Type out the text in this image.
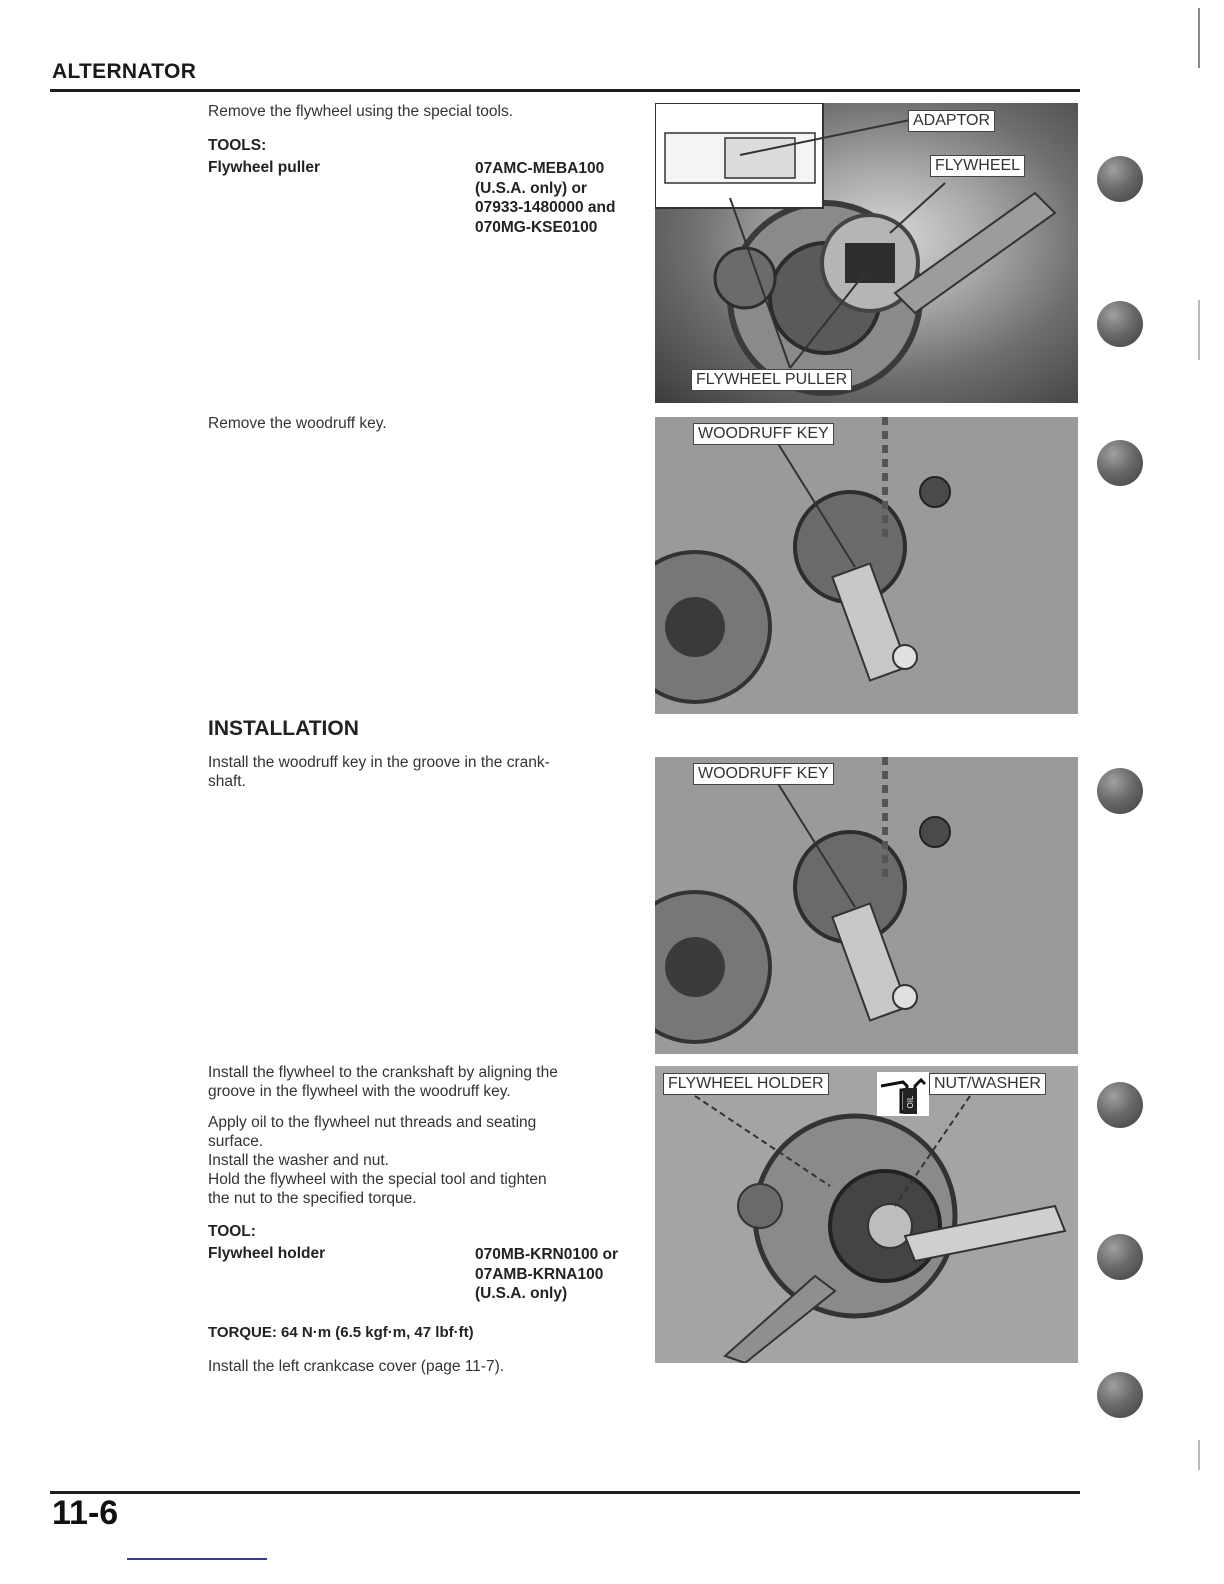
ALTERNATOR
Remove the flywheel using the special tools.
TOOLS:
Flywheel puller	07AMC-MEBA100
(U.S.A. only) or
07933-1480000 and
070MG-KSE0100
Remove the woodruff key.
INSTALLATION
Install the woodruff key in the groove in the crank-
shaft.
Install the flywheel to the crankshaft by aligning the
groove in the flywheel with the woodruff key.
Apply oil to the flywheel nut threads and seating
surface.
Install the washer and nut.
Hold the flywheel with the special tool and tighten
the nut to the specified torque.
TOOL:
Flywheel holder	070MB-KRN0100 or
07AMB-KRNA100
(U.S.A. only)
TORQUE: 64 N·m (6.5 kgf·m, 47 lbf·ft)
Install the left crankcase cover (page 11-7).
ADAPTOR
FLYWHEEL
FLYWHEEL PULLER
WOODRUFF KEY
WOODRUFF KEY
FLYWHEEL HOLDER
OIL
NUT/WASHER
11-6
